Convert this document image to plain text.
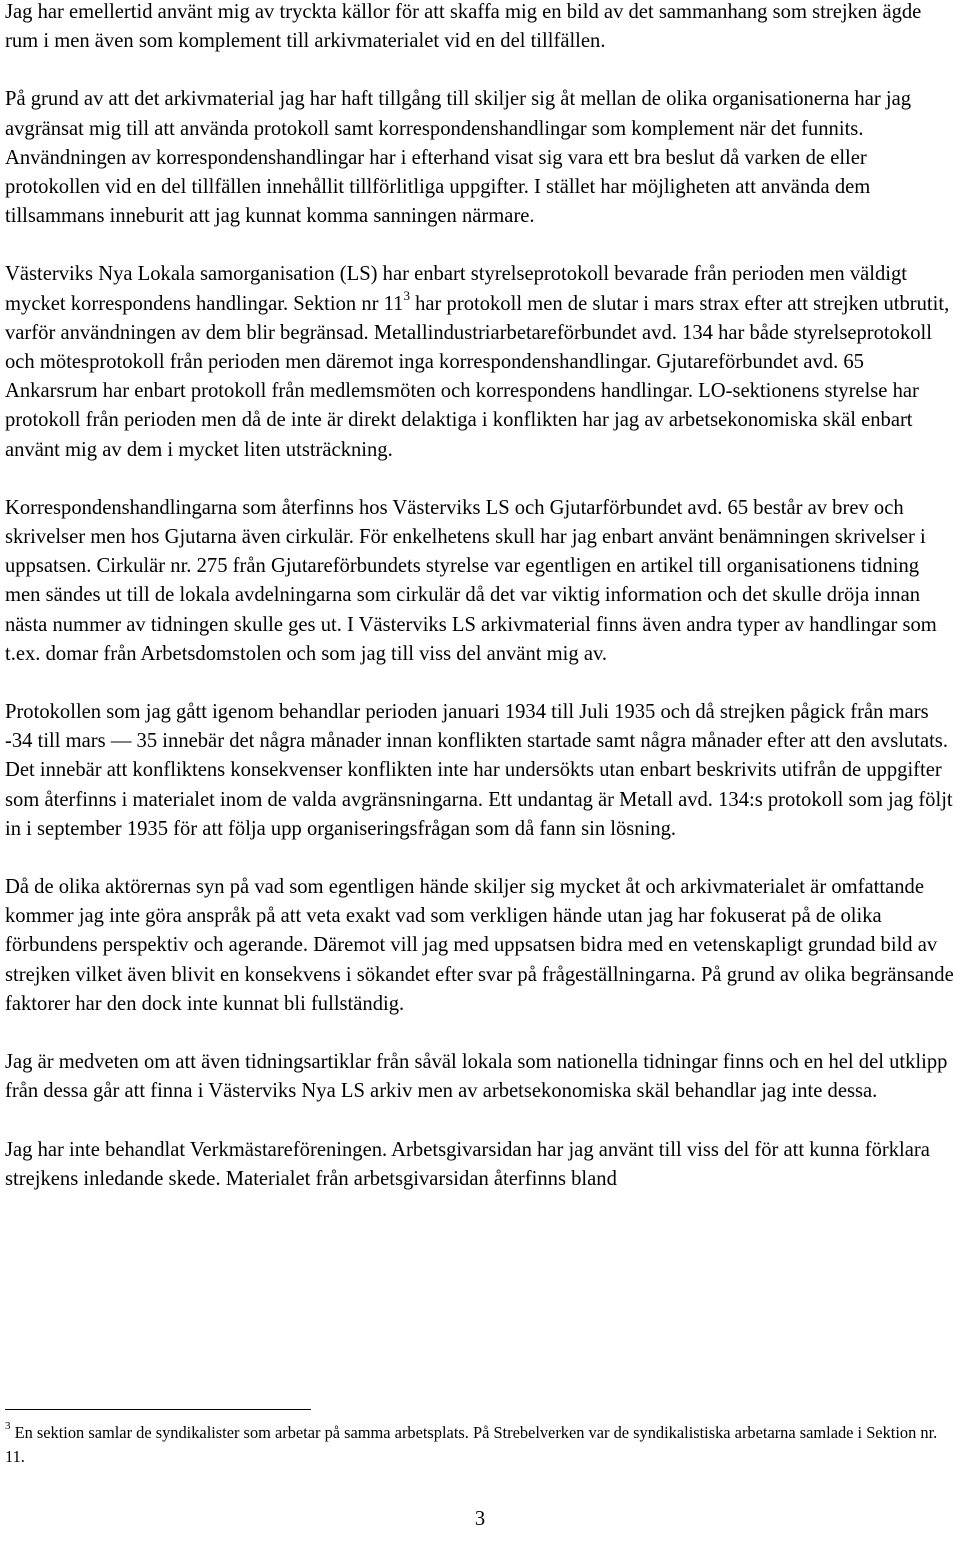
Jag har emellertid använt mig av tryckta källor för att skaffa mig en bild av det sammanhang som strejken ägde rum i men även som komplement till arkivmaterialet vid en del tillfällen.

På grund av att det arkivmaterial jag har haft tillgång till skiljer sig åt mellan de olika organisationerna har jag avgränsat mig till att använda protokoll samt korrespondenshandlingar som komplement när det funnits. Användningen av korrespondenshandlingar har i efterhand visat sig vara ett bra beslut då varken de eller protokollen vid en del tillfällen innehållit tillförlitliga uppgifter. I stället har möjligheten att använda dem tillsammans inneburit att jag kunnat komma sanningen närmare.

Västerviks Nya Lokala samorganisation (LS) har enbart styrelseprotokoll bevarade från perioden men väldigt mycket korrespondens handlingar. Sektion nr $11^3$ har protokoll men de slutar i mars strax efter att strejken utbrutit, varför användningen av dem blir begränsad. Metallindustriarbetareförbundet avd. 134 har både styrelseprotokoll och mötesprotokoll från perioden men däremot inga korrespondenshandlingar. Gjutareförbundet avd. 65 Ankarsrum har enbart protokoll från medlemsmöten och korrespondens handlingar. LO-sektionens styrelse har protokoll från perioden men då de inte är direkt delaktiga i konflikten har jag av arbetsekonomiska skäl enbart använt mig av dem i mycket liten utsträckning.

Korrespondenshandlingarna som återfinns hos Västerviks LS och Gjutarförbundet avd. 65 består av brev och skrivelser men hos Gjutarna även cirkulär. För enkelhetens skull har jag enbart använt benämningen skrivelser i uppsatsen. Cirkulär nr. 275 från Gjutareförbundets styrelse var egentligen en artikel till organisationens tidning men sändes ut till de lokala avdelningarna som cirkulär då det var viktig information och det skulle dröja innan nästa nummer av tidningen skulle ges ut. I Västerviks LS arkivmaterial finns även andra typer av handlingar som t.ex. domar från Arbetsdomstolen och som jag till viss del använt mig av.

Protokollen som jag gått igenom behandlar perioden januari 1934 till Juli 1935 och då strejken pågick från mars -34 till mars — 35 innebär det några månader innan konflikten startade samt några månader efter att den avslutats. Det innebär att konfliktens konsekvenser konflikten inte har undersökts utan enbart beskrivits utifrån de uppgifter som återfinns i materialet inom de valda avgränsningarna. Ett undantag är Metall avd. 134:s protokoll som jag följt in i september 1935 för att följa upp organiseringsfrågan som då fann sin lösning.

Då de olika aktörernas syn på vad som egentligen hände skiljer sig mycket åt och arkivmaterialet är omfattande kommer jag inte göra anspråk på att veta exakt vad som verkligen hände utan jag har fokuserat på de olika förbundens perspektiv och agerande. Däremot vill jag med uppsatsen bidra med en vetenskapligt grundad bild av strejken vilket även blivit en konsekvens i sökandet efter svar på frågeställningarna. På grund av olika begränsande faktorer har den dock inte kunnat bli fullständig.

Jag är medveten om att även tidningsartiklar från såväl lokala som nationella tidningar finns och en hel del utklipp från dessa går att finna i Västerviks Nya LS arkiv men av arbetsekonomiska skäl behandlar jag inte dessa.

Jag har inte behandlat Verkmästareföreningen. Arbetsgivarsidan har jag använt till viss del för att kunna förklara strejkens inledande skede. Materialet från arbetsgivarsidan återfinns bland

$^3$ En sektion samlar de syndikalister som arbetar på samma arbetsplats. På Strebelverken var de syndikalistiska arbetarna samlade i Sektion nr. 11.
3
